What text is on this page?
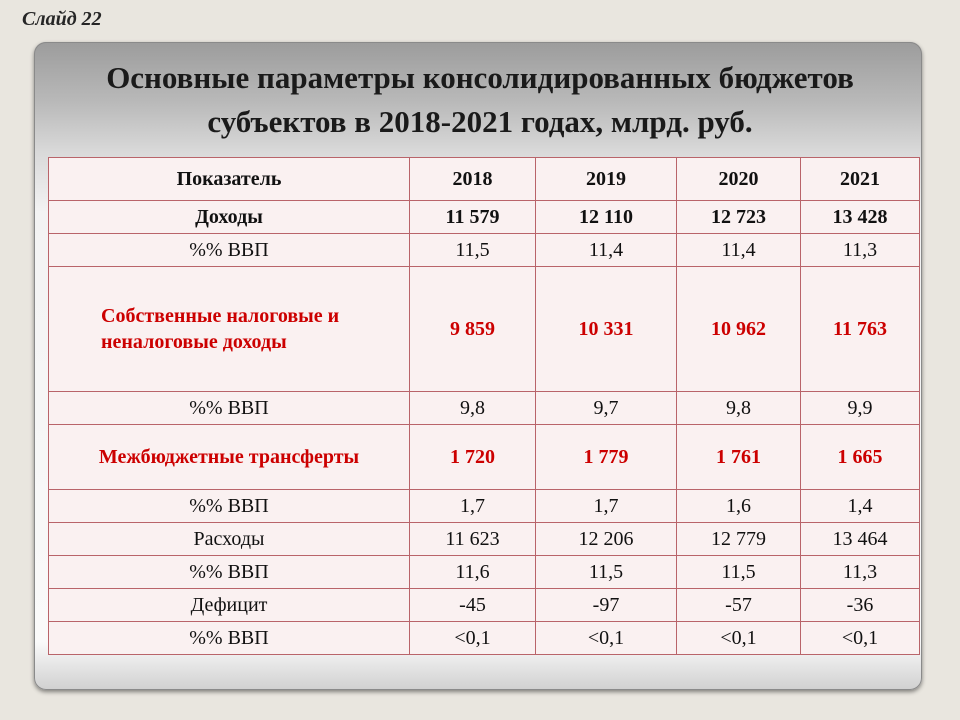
Слайд 22
Основные параметры консолидированных бюджетов
субъектов в 2018-2021 годах, млрд. руб.
Показатель	2018	2019	2020	2021
Доходы	11 579	12 110	12 723	13 428
%% ВВП	11,5	11,4	11,4	11,3

Собственные налоговые и неналоговые доходы	9 859	10 331	10 962	11 763
%% ВВП	9,8	9,7	9,8	9,9
Межбюджетные трансферты	1 720	1 779	1 761	1 665
%% ВВП	1,7	1,7	1,6	1,4
Расходы	11 623	12 206	12 779	13 464
%% ВВП	11,6	11,5	11,5	11,3
Дефицит	-45	-97	-57	-36
%% ВВП	<0,1	<0,1	<0,1	<0,1
